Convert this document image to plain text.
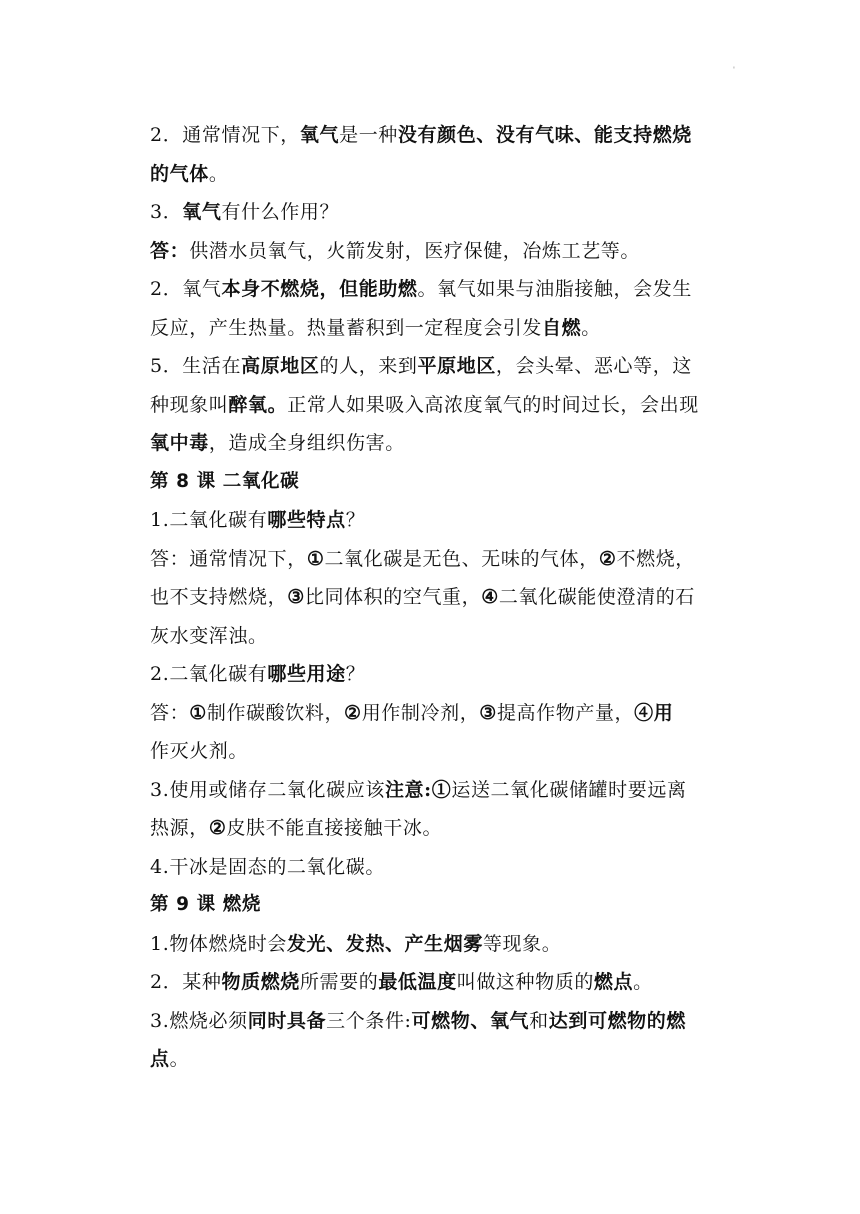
'
2．通常情况下，氧气是一种没有颜色、没有气味、能支持燃烧
的气体。
3．氧气有什么作用？
答：供潜水员氧气，火箭发射，医疗保健，冶炼工艺等。
2．氧气本身不燃烧，但能助燃。氧气如果与油脂接触，会发生
反应，产生热量。热量蓄积到一定程度会引发自燃。
5．生活在高原地区的人，来到平原地区，会头晕、恶心等，这
种现象叫醉氧。正常人如果吸入高浓度氧气的时间过长，会出现
氧中毒，造成全身组织伤害。
第 8 课 二氧化碳
1.二氧化碳有哪些特点？
答：通常情况下，①二氧化碳是无色、无味的气体，②不燃烧，
也不支持燃烧，③比同体积的空气重，④二氧化碳能使澄清的石
灰水变浑浊。
2.二氧化碳有哪些用途？
答：①制作碳酸饮料，②用作制冷剂，③提高作物产量，④用
作灭火剂。
3.使用或储存二氧化碳应该注意:①运送二氧化碳储罐时要远离
热源，②皮肤不能直接接触干冰。
4.干冰是固态的二氧化碳。
第 9 课 燃烧
1.物体燃烧时会发光、发热、产生烟雾等现象。
2．某种物质燃烧所需要的最低温度叫做这种物质的燃点。
3.燃烧必须同时具备三个条件:可燃物、氧气和达到可燃物的燃
点。
